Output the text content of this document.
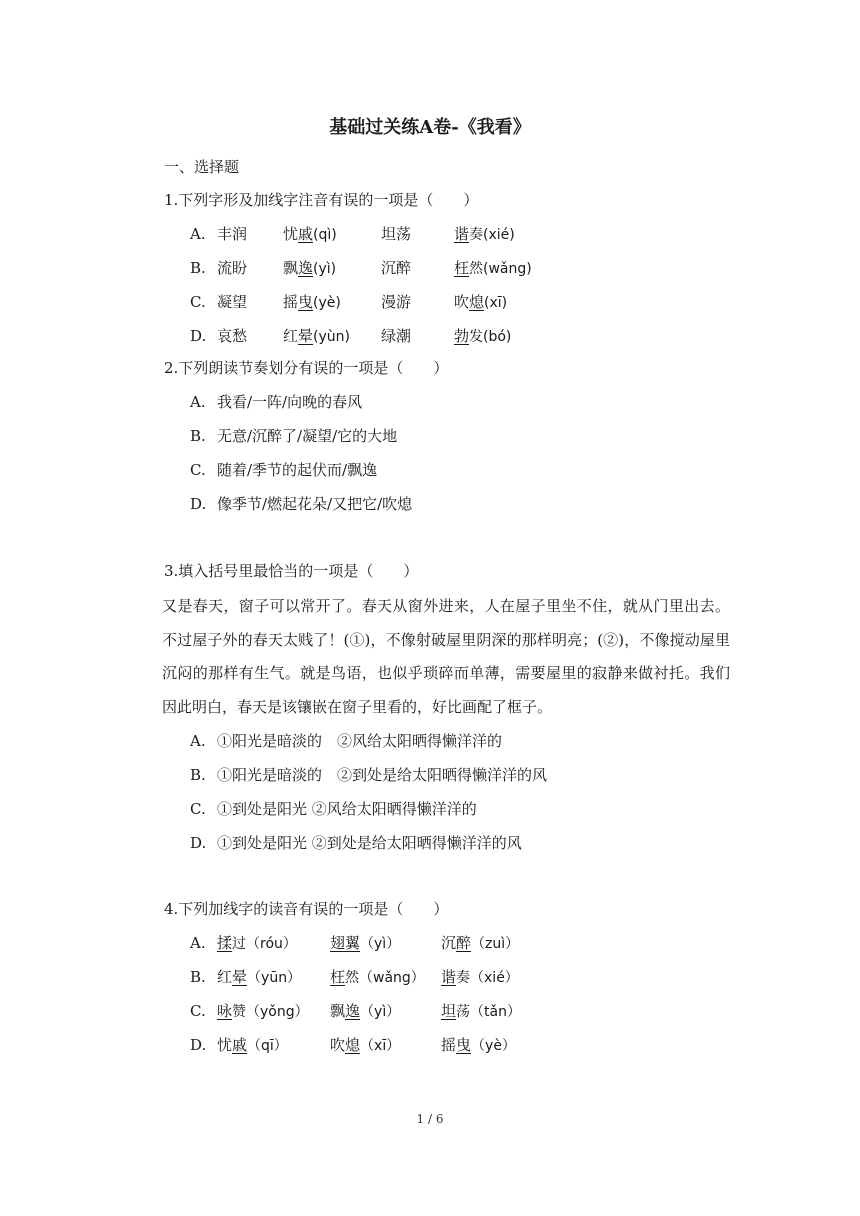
基础过关练A卷-《我看》
一、选择题
1.下列字形及加线字注音有误的一项是（　　）
A. 丰润 忧戚(qì)	坦荡	谐奏(xié)
B. 流盼 飘逸(yì)	沉醉	枉然(wǎng)
C. 凝望 摇曳(yè)	漫游	吹熄(xī)
D. 哀愁 红晕(yùn) 绿潮	勃发(bó)
2.下列朗读节奏划分有误的一项是（　　）
A. 我看/一阵/向晚的春风
B. 无意/沉醉了/凝望/它的大地
C. 随着/季节的起伏而/飘逸
D. 像季节/燃起花朵/又把它/吹熄
3.填入括号里最恰当的一项是（　　）
又是春天，窗子可以常开了。春天从窗外进来，人在屋子里坐不住，就从门里出去。不过屋子外的春天太贱了！(①)，不像射破屋里阴深的那样明亮；(②)，不像搅动屋里沉闷的那样有生气。就是鸟语，也似乎琐碎而单薄，需要屋里的寂静来做衬托。我们因此明白，春天是该镶嵌在窗子里看的，好比画配了框子。
A. ①阳光是暗淡的　②风给太阳晒得懒洋洋的
B. ①阳光是暗淡的　②到处是给太阳晒得懒洋洋的风
C. ①到处是阳光 ②风给太阳晒得懒洋洋的
D. ①到处是阳光 ②到处是给太阳晒得懒洋洋的风
4.下列加线字的读音有误的一项是（　　）
A. 揉过（róu） 翅翼（yì）	沉醉（zuì）
B. 红晕（yūn） 枉然（wǎng） 谐奏（xié）
C. 咏赞（yǒng） 飘逸（yì）	坦荡（tǎn）
D. 忧戚（qī）	吹熄（xī）	摇曳（yè）
1 / 6
